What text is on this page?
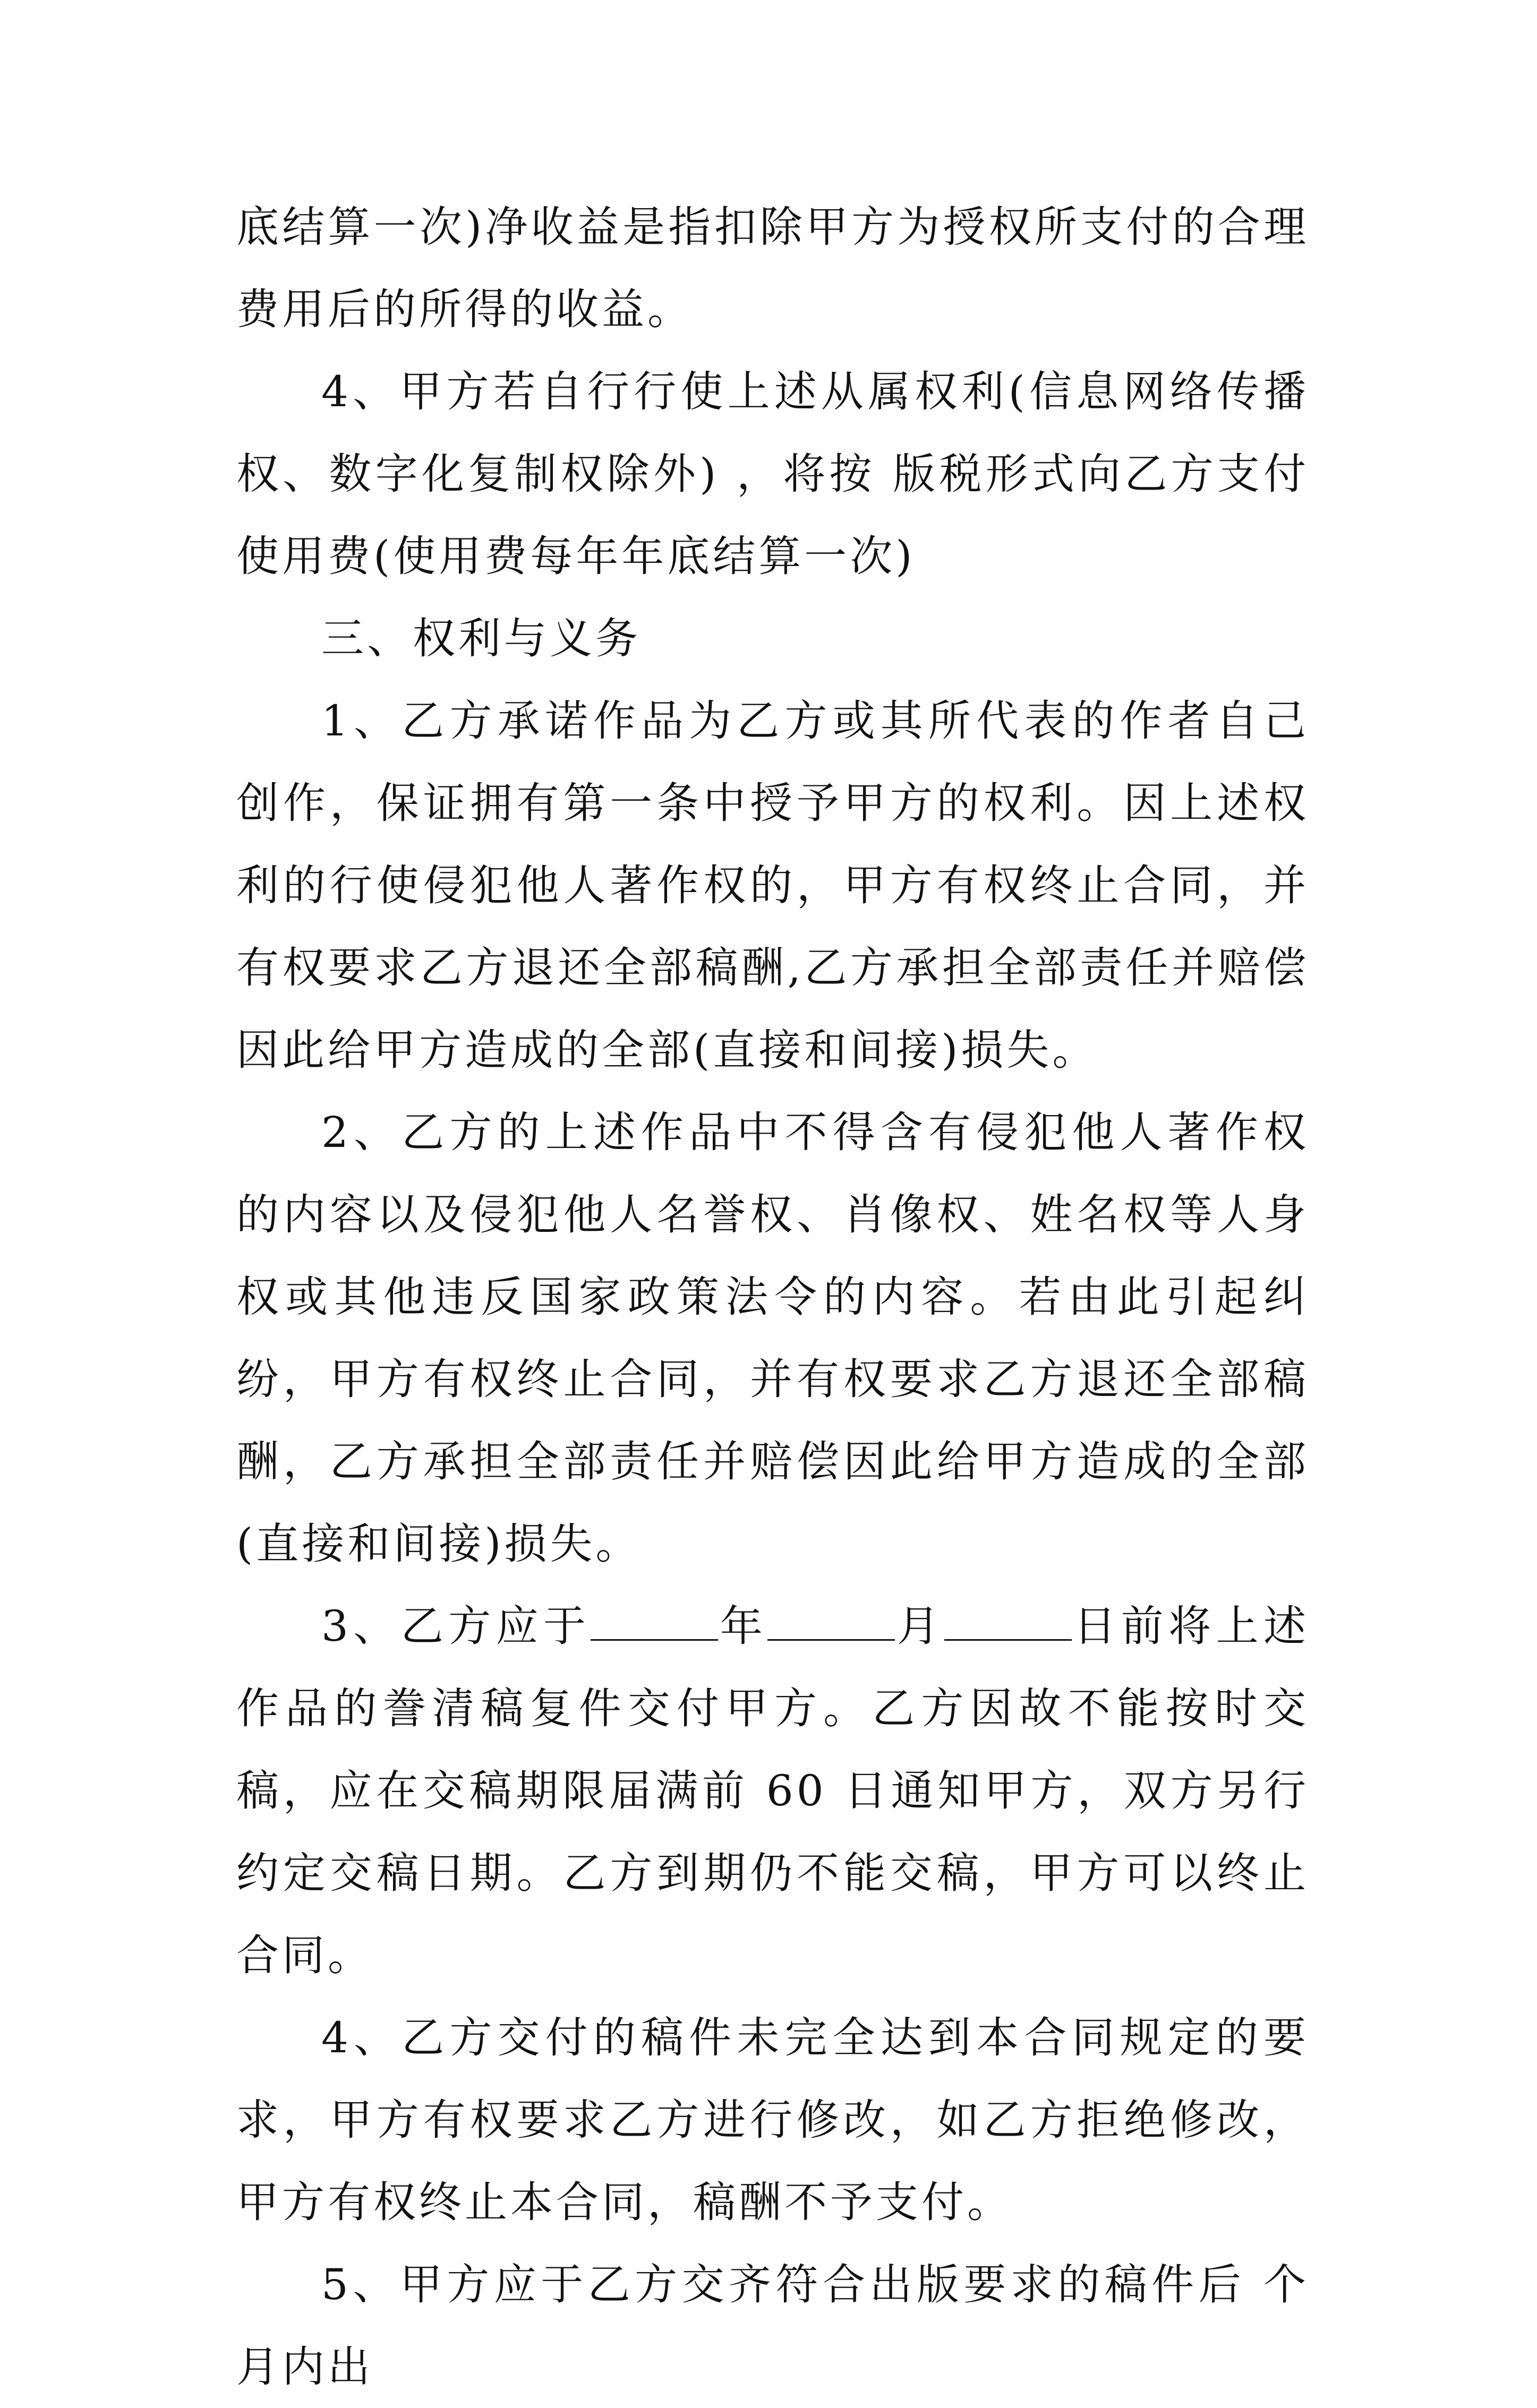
底结算一次)净收益是指扣除甲方为授权所支付的合理费用后的所得的收益。

4、甲方若自行行使上述从属权利(信息网络传播权、数字化复制权除外) ，将按 版税形式向乙方支付使用费(使用费每年年底结算一次)

三、权利与义务

1、乙方承诺作品为乙方或其所代表的作者自己创作，保证拥有第一条中授予甲方的权利。因上述权利的行使侵犯他人著作权的，甲方有权终止合同，并有权要求乙方退还全部稿酬,乙方承担全部责任并赔偿因此给甲方造成的全部(直接和间接)损失。

2、乙方的上述作品中不得含有侵犯他人著作权的内容以及侵犯他人名誉权、肖像权、姓名权等人身权或其他违反国家政策法令的内容。若由此引起纠纷，甲方有权终止合同，并有权要求乙方退还全部稿酬，乙方承担全部责任并赔偿因此给甲方造成的全部(直接和间接)损失。

3、乙方应于	年	月	日前将上述作品的誊清稿复件交付甲方。乙方因故不能按时交稿，应在交稿期限届满前 60 日通知甲方，双方另行约定交稿日期。乙方到期仍不能交稿，甲方可以终止合同。

4、乙方交付的稿件未完全达到本合同规定的要求，甲方有权要求乙方进行修改，如乙方拒绝修改，甲方有权终止本合同，稿酬不予支付。

5、甲方应于乙方交齐符合出版要求的稿件后 个月内出
